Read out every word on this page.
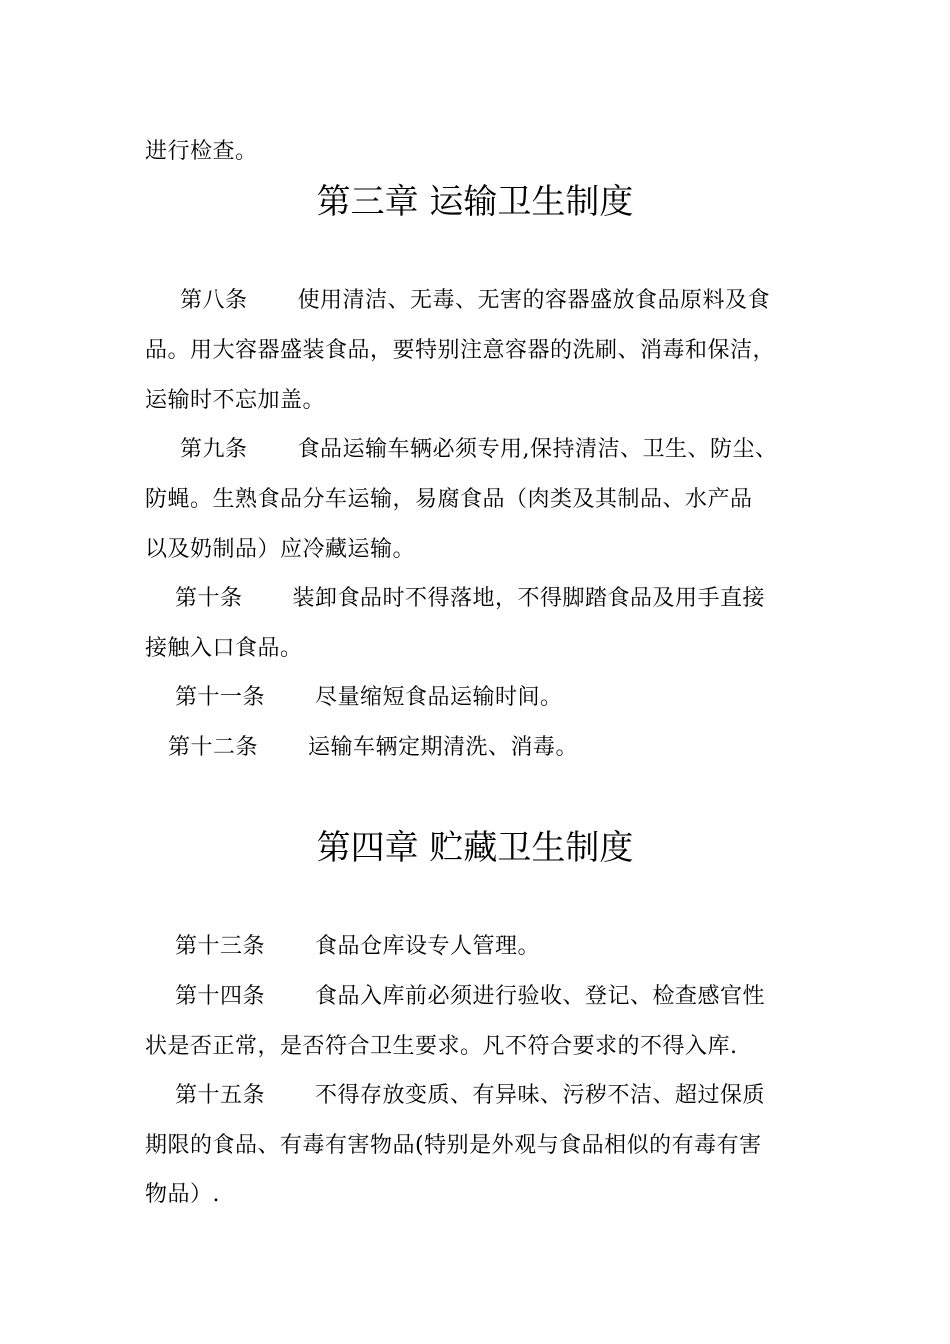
进行检查。
第三章 运输卫生制度
第八条 使用清洁、无毒、无害的容器盛放食品原料及食
品。用大容器盛装食品，要特别注意容器的洗刷、消毒和保洁，
运输时不忘加盖。
第九条 食品运输车辆必须专用,保持清洁、卫生、防尘、
防蝇。生熟食品分车运输，易腐食品（肉类及其制品、水产品
以及奶制品）应冷藏运输。
第十条 装卸食品时不得落地，不得脚踏食品及用手直接
接触入口食品。
第十一条 尽量缩短食品运输时间。
第十二条 运输车辆定期清洗、消毒。
第四章 贮藏卫生制度
第十三条 食品仓库设专人管理。
第十四条 食品入库前必须进行验收、登记、检查感官性
状是否正常，是否符合卫生要求。凡不符合要求的不得入库.
第十五条 不得存放变质、有异味、污秽不洁、超过保质
期限的食品、有毒有害物品(特别是外观与食品相似的有毒有害
物品）.
